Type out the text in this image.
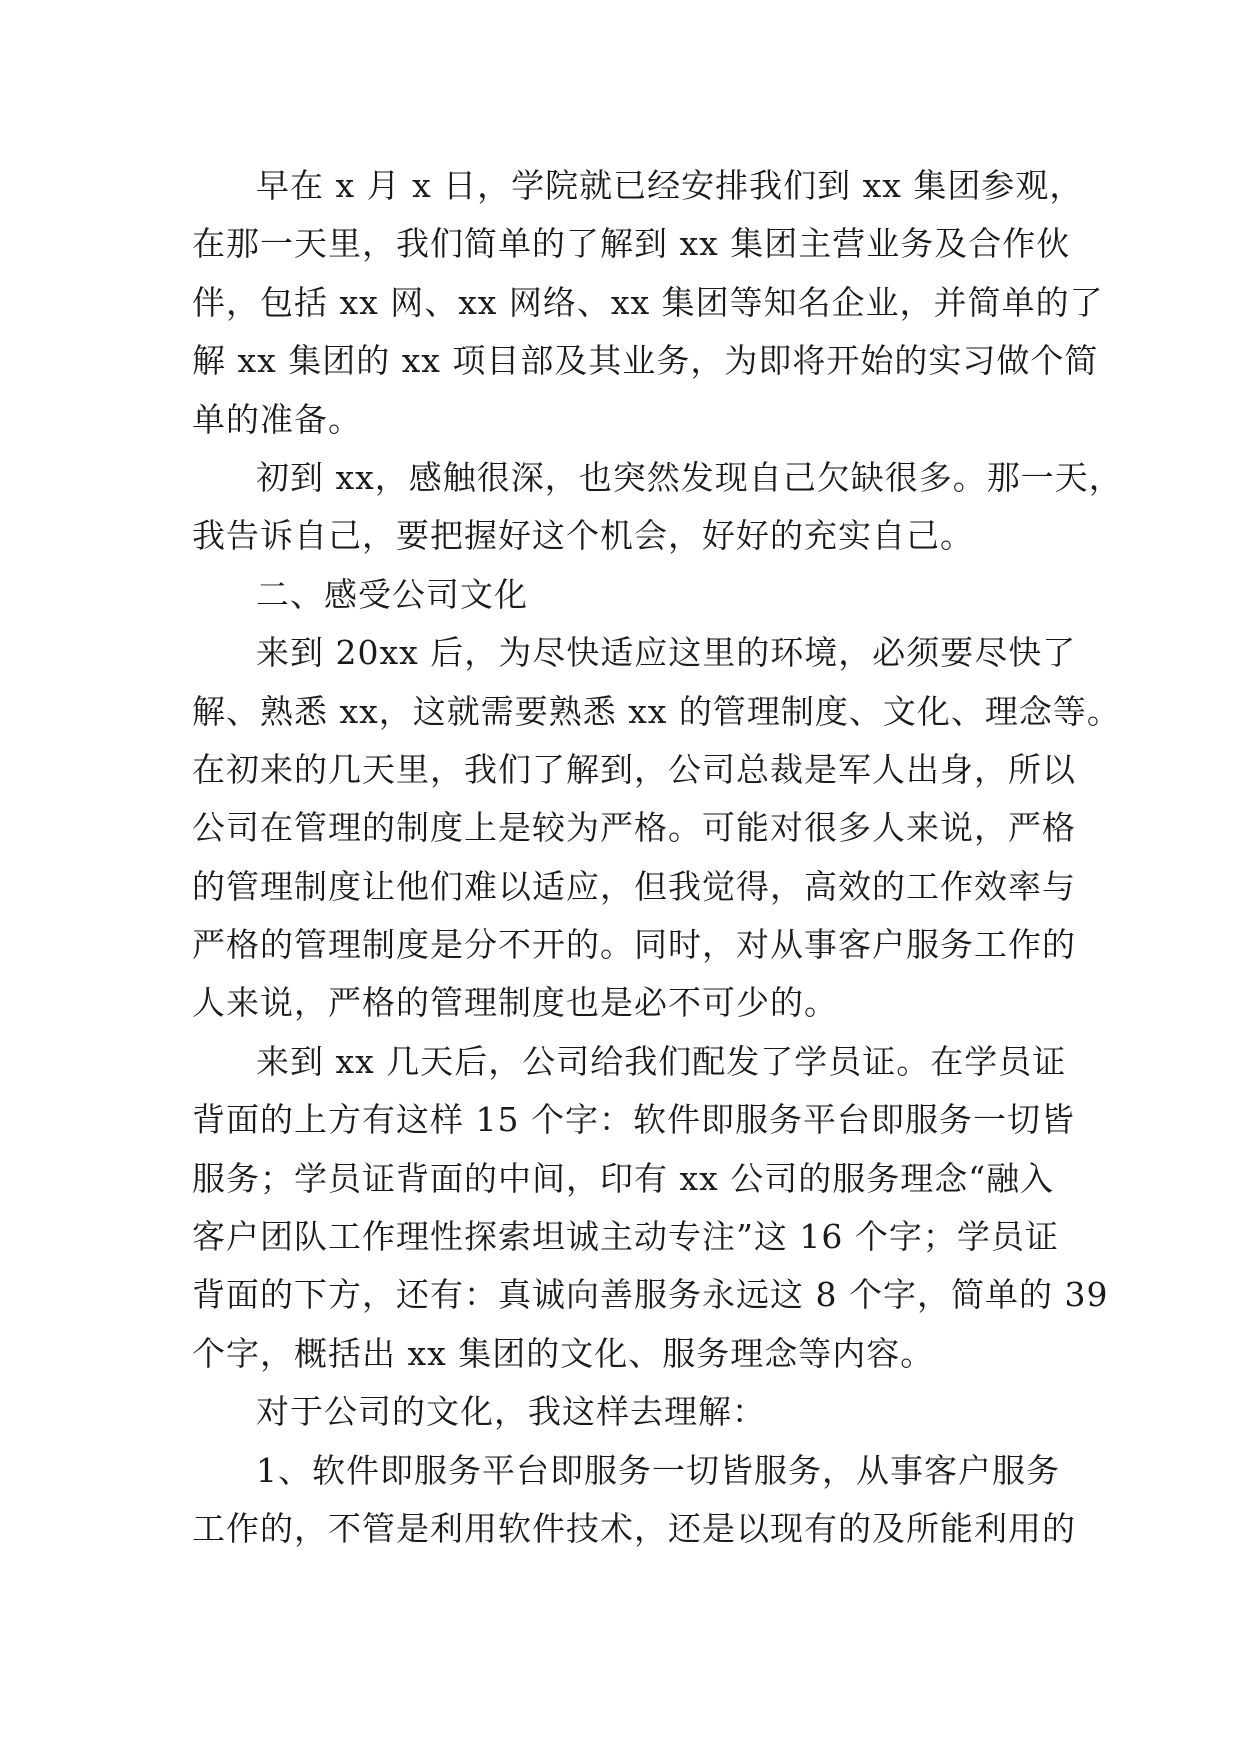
早在 x 月 x 日，学院就已经安排我们到 xx 集团参观，
在那一天里，我们简单的了解到 xx 集团主营业务及合作伙
伴，包括 xx 网、xx 网络、xx 集团等知名企业，并简单的了
解 xx 集团的 xx 项目部及其业务，为即将开始的实习做个简
单的准备。
初到 xx，感触很深，也突然发现自己欠缺很多。那一天，
我告诉自己，要把握好这个机会，好好的充实自己。
二、感受公司文化
来到 20xx 后，为尽快适应这里的环境，必须要尽快了
解、熟悉 xx，这就需要熟悉 xx 的管理制度、文化、理念等。
在初来的几天里，我们了解到，公司总裁是军人出身，所以
公司在管理的制度上是较为严格。可能对很多人来说，严格
的管理制度让他们难以适应，但我觉得，高效的工作效率与
严格的管理制度是分不开的。同时，对从事客户服务工作的
人来说，严格的管理制度也是必不可少的。
来到 xx 几天后，公司给我们配发了学员证。在学员证
背面的上方有这样 15 个字：软件即服务平台即服务一切皆
服务；学员证背面的中间，印有 xx 公司的服务理念“融入
客户团队工作理性探索坦诚主动专注”这 16 个字；学员证
背面的下方，还有：真诚向善服务永远这 8 个字，简单的 39
个字，概括出 xx 集团的文化、服务理念等内容。
对于公司的文化，我这样去理解：
1、软件即服务平台即服务一切皆服务，从事客户服务
工作的，不管是利用软件技术，还是以现有的及所能利用的
